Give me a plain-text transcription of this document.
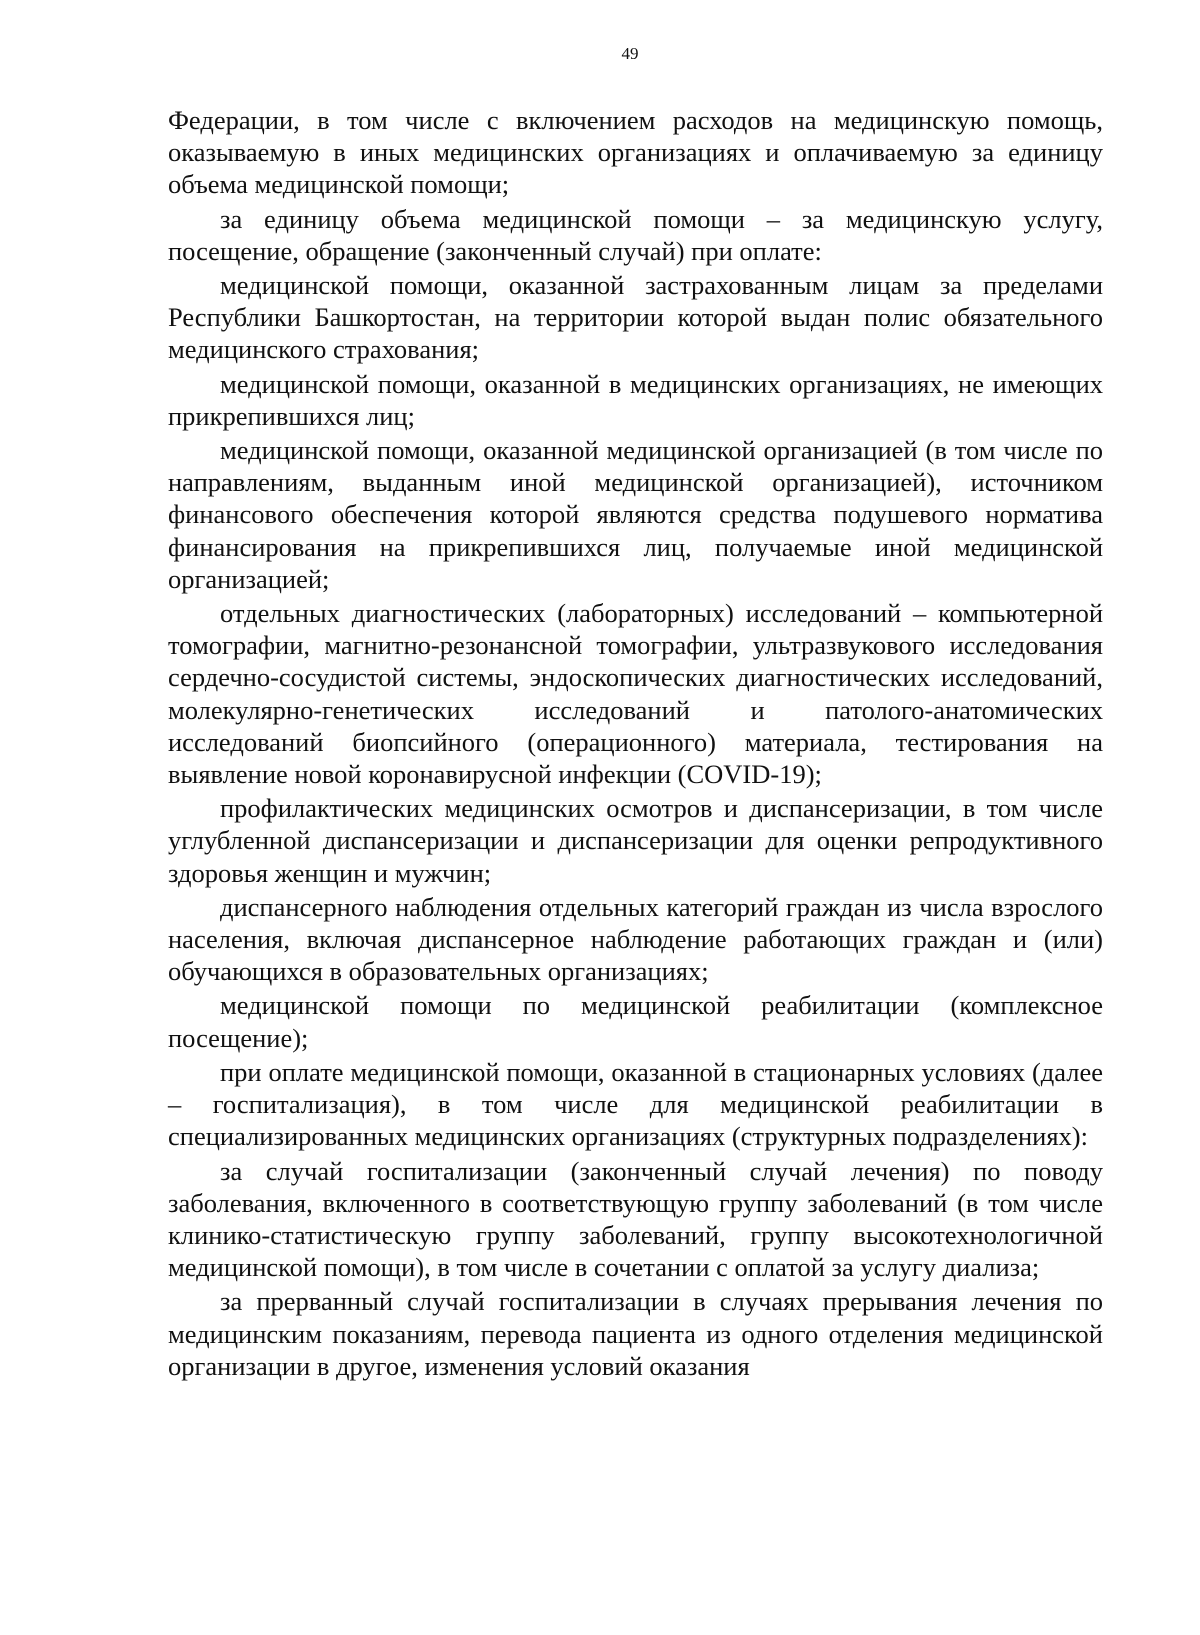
49

Федерации, в том числе с включением расходов на медицинскую помощь, оказываемую в иных медицинских организациях и оплачиваемую за единицу объема медицинской помощи;

за единицу объема медицинской помощи – за медицинскую услугу, посещение, обращение (законченный случай) при оплате:

медицинской помощи, оказанной застрахованным лицам за пределами Республики Башкортостан, на территории которой выдан полис обязательного медицинского страхования;

медицинской помощи, оказанной в медицинских организациях, не имеющих прикрепившихся лиц;

медицинской помощи, оказанной медицинской организацией (в том числе по направлениям, выданным иной медицинской организацией), источником финансового обеспечения которой являются средства подушевого норматива финансирования на прикрепившихся лиц, получаемые иной медицинской организацией;

отдельных диагностических (лабораторных) исследований – компьютерной томографии, магнитно-резонансной томографии, ультразвукового исследования сердечно-сосудистой системы, эндоскопических диагностических исследований, молекулярно-генетических исследований и патолого-анатомических исследований биопсийного (операционного) материала, тестирования на выявление новой коронавирусной инфекции (COVID-19);

профилактических медицинских осмотров и диспансеризации, в том числе углубленной диспансеризации и диспансеризации для оценки репродуктивного здоровья женщин и мужчин;

диспансерного наблюдения отдельных категорий граждан из числа взрослого населения, включая диспансерное наблюдение работающих граждан и (или) обучающихся в образовательных организациях;

медицинской помощи по медицинской реабилитации (комплексное посещение);

при оплате медицинской помощи, оказанной в стационарных условиях (далее – госпитализация), в том числе для медицинской реабилитации в специализированных медицинских организациях (структурных подразделениях):

за случай госпитализации (законченный случай лечения) по поводу заболевания, включенного в соответствующую группу заболеваний (в том числе клинико-статистическую группу заболеваний, группу высокотехнологичной медицинской помощи), в том числе в сочетании с оплатой за услугу диализа;

за прерванный случай госпитализации в случаях прерывания лечения по медицинским показаниям, перевода пациента из одного отделения медицинской организации в другое, изменения условий оказания
